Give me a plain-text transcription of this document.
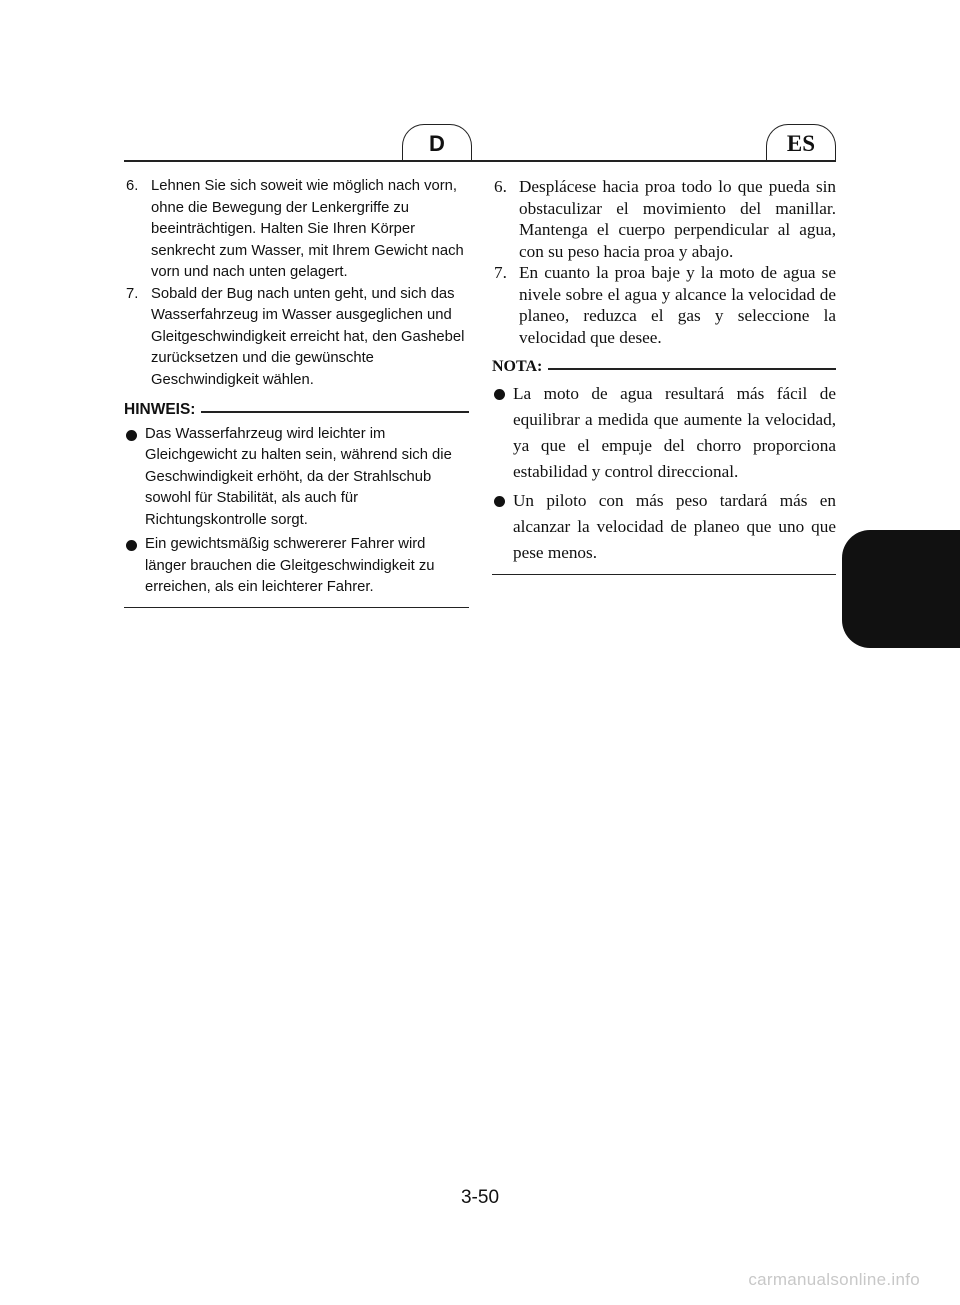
D	ES

6. Lehnen Sie sich soweit wie möglich nach vorn, ohne die Bewegung der Lenkergriffe zu beeinträchtigen. Halten Sie Ihren Körper senkrecht zum Wasser, mit Ihrem Gewicht nach vorn und nach unten gelagert.

7. Sobald der Bug nach unten geht, und sich das Wasserfahrzeug im Wasser ausgeglichen und Gleitgeschwindigkeit erreicht hat, den Gashebel zurücksetzen und die gewünschte Geschwindigkeit wählen.

HINWEIS:
Das Wasserfahrzeug wird leichter im Gleichgewicht zu halten sein, während sich die Geschwindigkeit erhöht, da der Strahlschub sowohl für Stabilität, als auch für Richtungskontrolle sorgt.
Ein gewichtsmäßig schwererer Fahrer wird länger brauchen die Gleitgeschwindigkeit zu erreichen, als ein leichterer Fahrer.

6. Desplácese hacia proa todo lo que pueda sin obstaculizar el movimiento del manillar. Mantenga el cuerpo perpendicular al agua, con su peso hacia proa y abajo.

7. En cuanto la proa baje y la moto de agua se nivele sobre el agua y alcance la velocidad de planeo, reduzca el gas y seleccione la velocidad que desee.

NOTA:
La moto de agua resultará más fácil de equilibrar a medida que aumente la velocidad, ya que el empuje del chorro proporciona estabilidad y control direccional.
Un piloto con más peso tardará más en alcanzar la velocidad de planeo que uno que pese menos.
3-50
carmanualsonline.info
